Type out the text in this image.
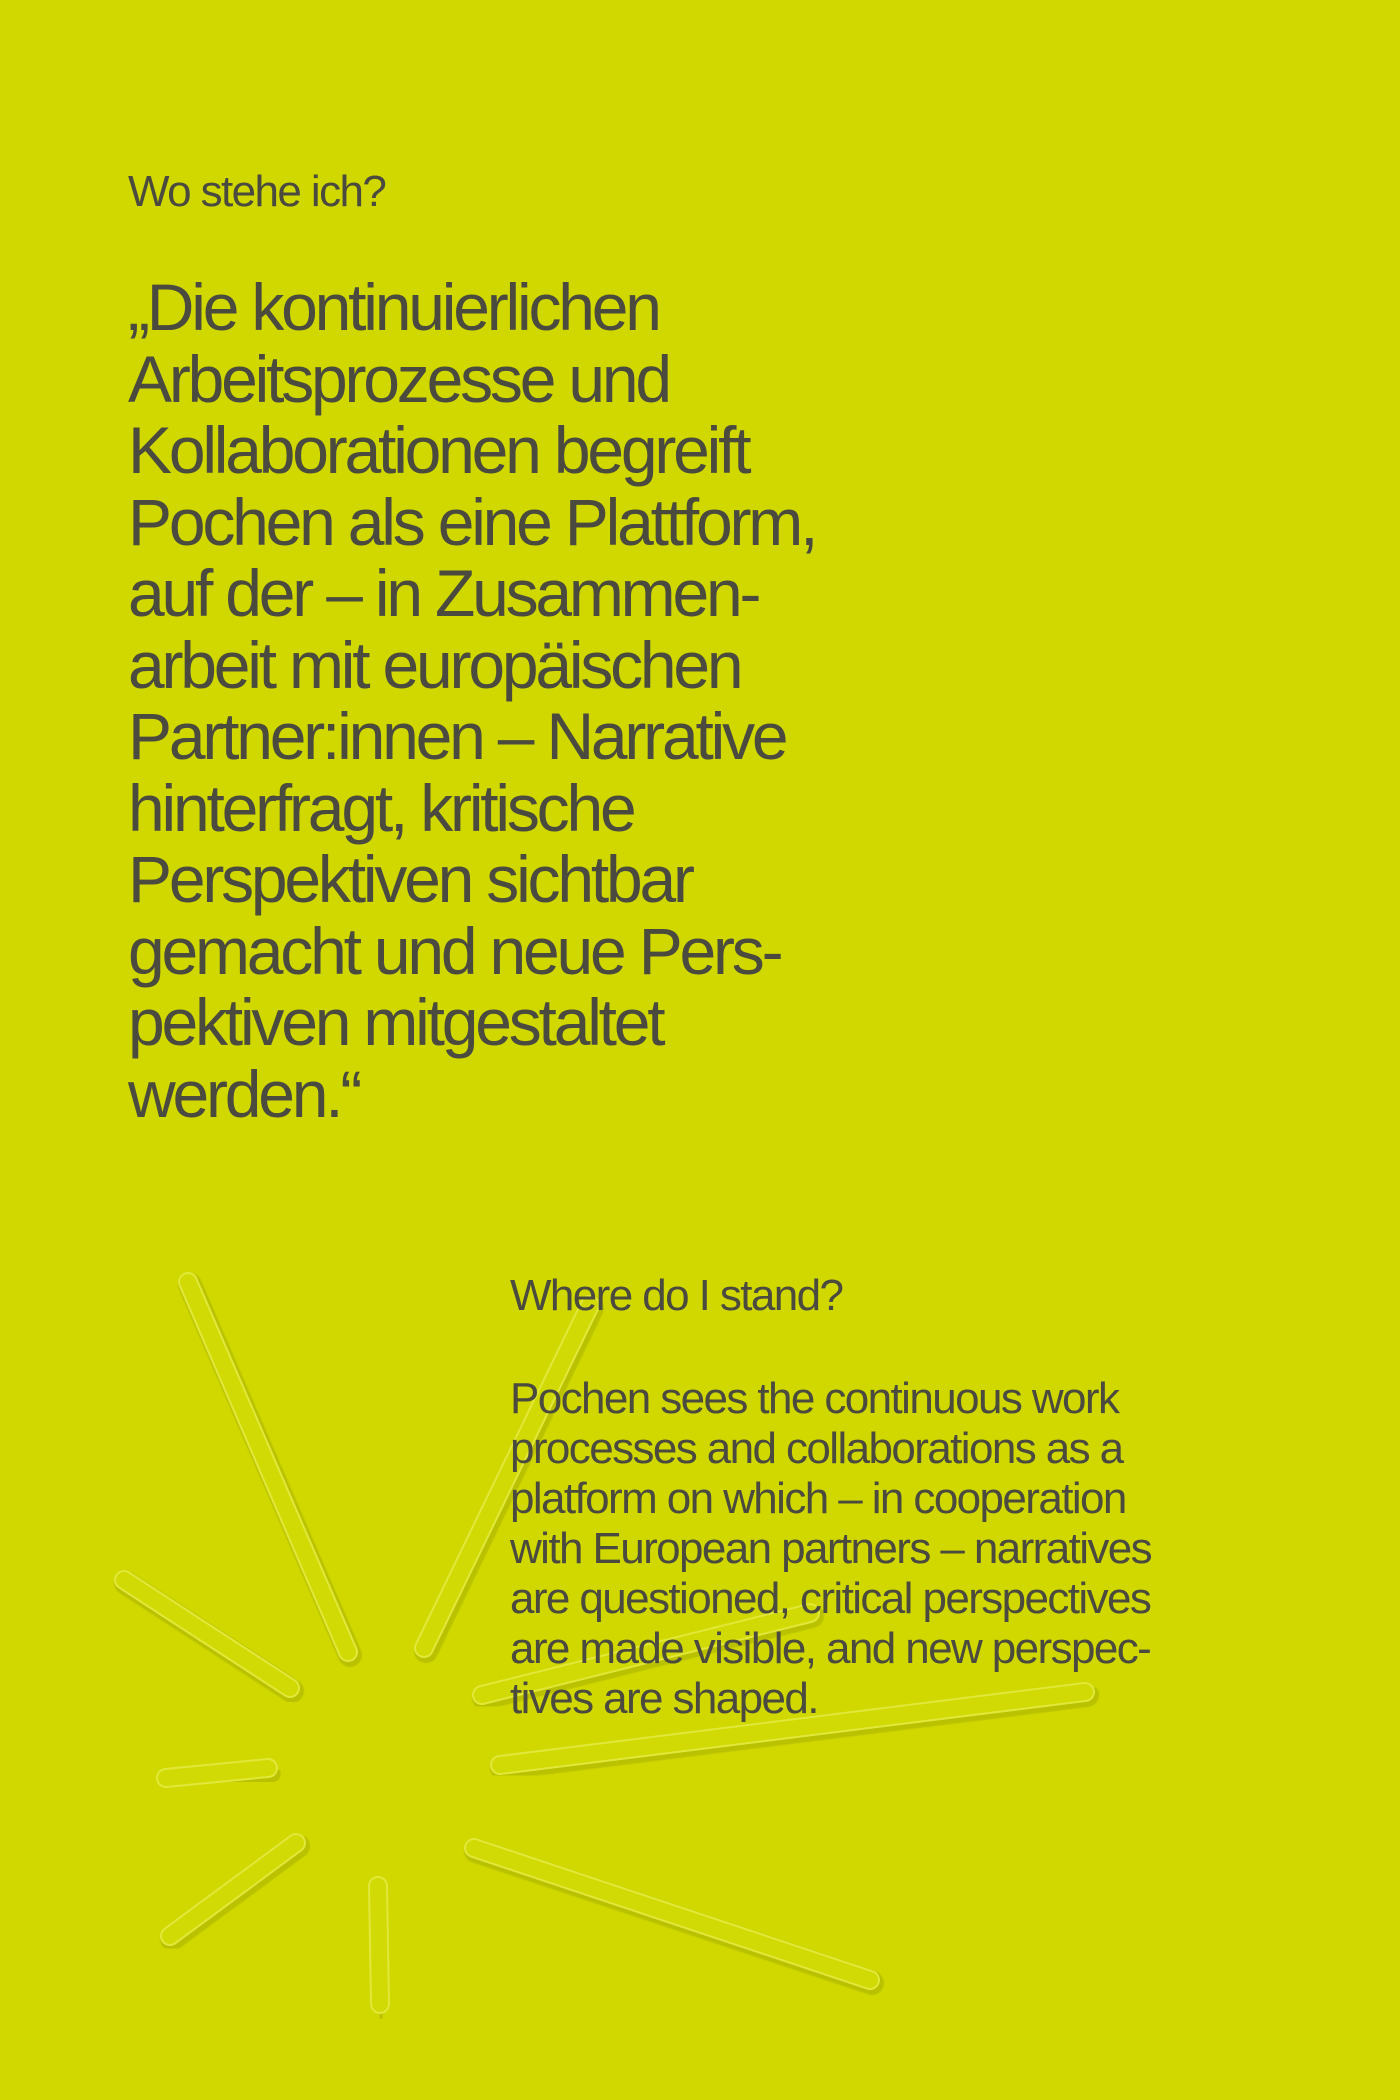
Wo stehe ich?

„Die kontinuierlichen
Arbeitsprozesse und
Kollaborationen begreift
Pochen als eine Plattform,
auf der – in Zusammen-
arbeit mit europäischen
Partner:innen – Narrative
hinterfragt, kritische
Perspektiven sichtbar
gemacht und neue Pers-
pektiven mitgestaltet
werden.“

Where do I stand?

Pochen sees the continuous work
processes and collaborations as a
platform on which – in cooperation
with European partners – narratives
are questioned, critical perspectives
are made visible, and new perspec-
tives are shaped.
